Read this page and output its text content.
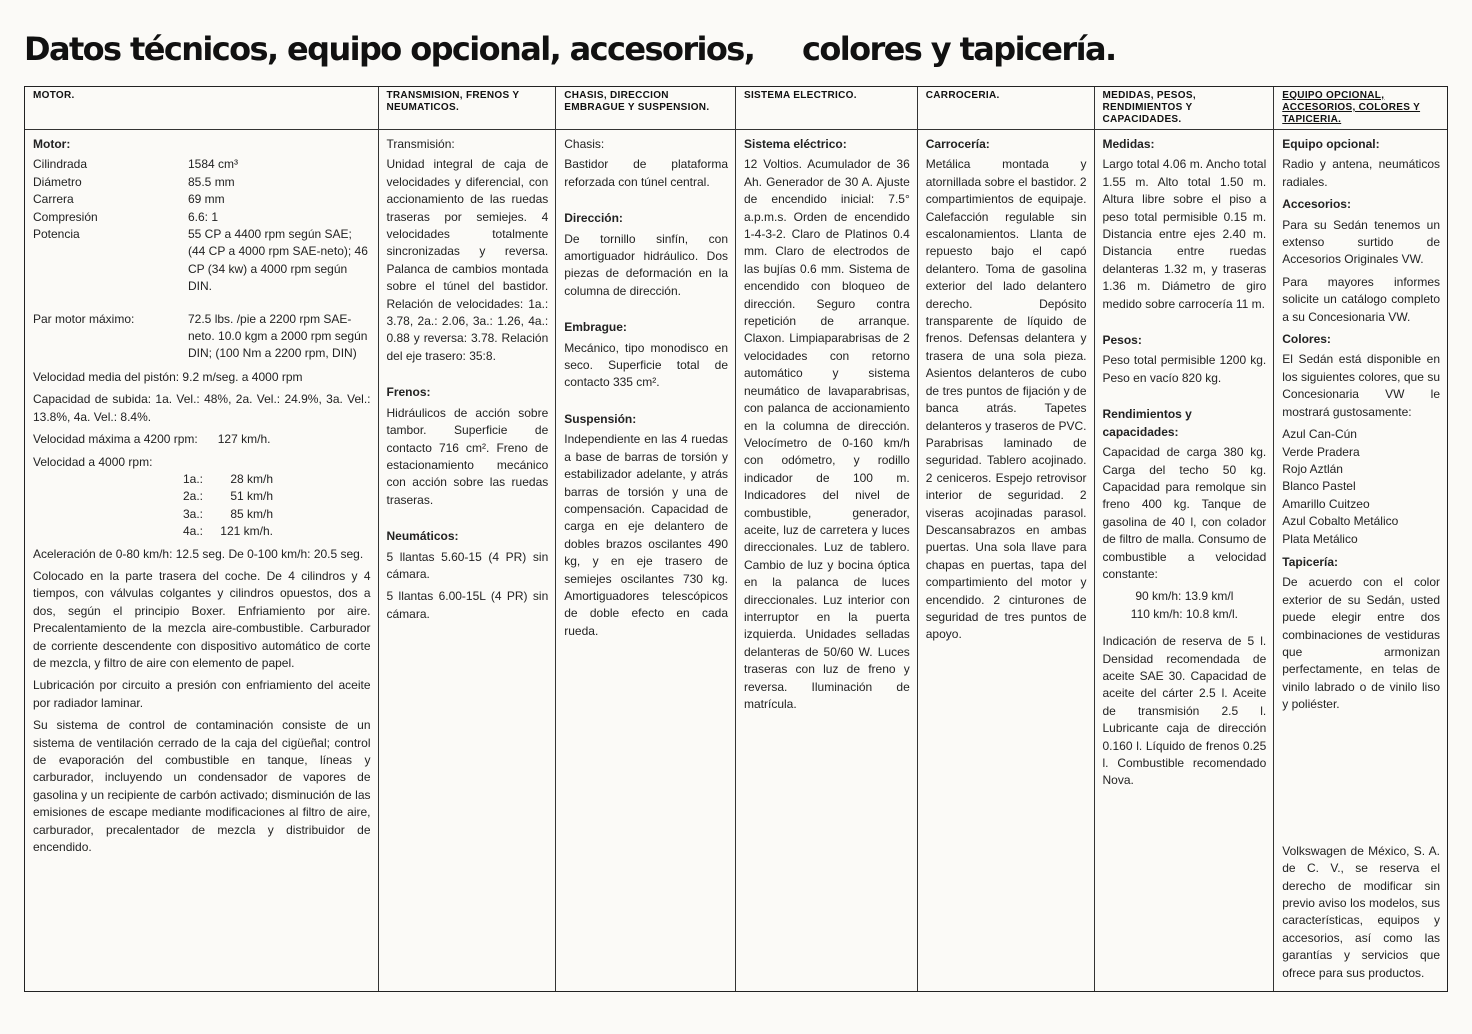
Datos técnicos, equipo opcional, accesorios,     colores y tapicería.
MOTOR.
Motor:
Cilindrada	1584 cm³
Diámetro	85.5 mm
Carrera	69 mm
Compresión	6.6: 1
Potencia	55 CP a 4400 rpm según SAE; (44 CP a 4000 rpm SAE-neto); 46 CP (34 kw) a 4000 rpm según DIN.
Par motor máximo:	72.5 lbs. /pie a 2200 rpm SAE-neto. 10.0 kgm a 2000 rpm según DIN; (100 Nm a 2200 rpm, DIN)

Velocidad media del pistón: 9.2 m/seg. a 4000 rpm

Capacidad de subida: 1a. Vel.: 48%, 2a. Vel.: 24.9%, 3a. Vel.: 13.8%, 4a. Vel.: 8.4%.

Velocidad máxima a 4200 rpm:      127 km/h.

Velocidad a 4000 rpm:
1a.:	28 km/h
2a.:	51 km/h
3a.:	85 km/h
4a.:	121 km/h.

Aceleración de 0-80 km/h: 12.5 seg. De 0-100 km/h: 20.5 seg.

Colocado en la parte trasera del coche. De 4 cilindros y 4 tiempos, con válvulas colgantes y cilindros opuestos, dos a dos, según el principio Boxer. Enfriamiento por aire. Precalentamiento de la mezcla aire-combustible. Carburador de corriente descendente con dispositivo automático de corte de mezcla, y filtro de aire con elemento de papel.

Lubricación por circuito a presión con enfriamiento del aceite por radiador laminar.

Su sistema de control de contaminación consiste de un sistema de ventilación cerrado de la caja del cigüeñal; control de evaporación del combustible en tanque, líneas y carburador, incluyendo un condensador de vapores de gasolina y un recipiente de carbón activado; disminución de las emisiones de escape mediante modificaciones al filtro de aire, carburador, precalentador de mezcla y distribuidor de encendido.

TRANSMISION, FRENOS Y NEUMATICOS.
Transmisión:

Unidad integral de caja de velocidades y diferencial, con accionamiento de las ruedas traseras por semiejes. 4 velocidades totalmente sincronizadas y reversa. Palanca de cambios montada sobre el túnel del bastidor. Relación de velocidades: 1a.: 3.78, 2a.: 2.06, 3a.: 1.26, 4a.: 0.88 y reversa: 3.78. Relación del eje trasero: 35:8.

Frenos:

Hidráulicos de acción sobre tambor. Superficie de contacto 716 cm². Freno de estacionamiento mecánico con acción sobre las ruedas traseras.

Neumáticos:

5 llantas 5.60-15 (4 PR) sin cámara.

5 llantas 6.00-15L (4 PR) sin cámara.

CHASIS, DIRECCION EMBRAGUE Y SUSPENSION.
Chasis:

Bastidor de plataforma reforzada con túnel central.

Dirección:

De tornillo sinfín, con amortiguador hidráulico. Dos piezas de deformación en la columna de dirección.

Embrague:

Mecánico, tipo monodisco en seco. Superficie total de contacto 335 cm².

Suspensión:

Independiente en las 4 ruedas a base de barras de torsión y estabilizador adelante, y atrás barras de torsión y una de compensación. Capacidad de carga en eje delantero de dobles brazos oscilantes 490 kg, y en eje trasero de semiejes oscilantes 730 kg. Amortiguadores telescópicos de doble efecto en cada rueda.

SISTEMA ELECTRICO.
Sistema eléctrico:

12 Voltios. Acumulador de 36 Ah. Generador de 30 A. Ajuste de encendido inicial: 7.5° a.p.m.s. Orden de encendido 1-4-3-2. Claro de Platinos 0.4 mm. Claro de electrodos de las bujías 0.6 mm. Sistema de encendido con bloqueo de dirección. Seguro contra repetición de arranque. Claxon. Limpiaparabrisas de 2 velocidades con retorno automático y sistema neumático de lavaparabrisas, con palanca de accionamiento en la columna de dirección. Velocímetro de 0-160 km/h con odómetro, y rodillo indicador de 100 m. Indicadores del nivel de combustible, generador, aceite, luz de carretera y luces direccionales. Luz de tablero. Cambio de luz y bocina óptica en la palanca de luces direccionales. Luz interior con interruptor en la puerta izquierda. Unidades selladas delanteras de 50/60 W. Luces traseras con luz de freno y reversa. Iluminación de matrícula.

CARROCERIA.
Carrocería:

Metálica montada y atornillada sobre el bastidor. 2 compartimientos de equipaje. Calefacción regulable sin escalonamientos. Llanta de repuesto bajo el capó delantero. Toma de gasolina exterior del lado delantero derecho. Depósito transparente de líquido de frenos. Defensas delantera y trasera de una sola pieza. Asientos delanteros de cubo de tres puntos de fijación y de banca atrás. Tapetes delanteros y traseros de PVC. Parabrisas laminado de seguridad. Tablero acojinado. 2 ceniceros. Espejo retrovisor interior de seguridad. 2 viseras acojinadas parasol. Descansabrazos en ambas puertas. Una sola llave para chapas en puertas, tapa del compartimiento del motor y encendido. 2 cinturones de seguridad de tres puntos de apoyo.

MEDIDAS, PESOS, RENDIMIENTOS Y CAPACIDADES.
Medidas:

Largo total 4.06 m. Ancho total 1.55 m. Alto total 1.50 m. Altura libre sobre el piso a peso total permisible 0.15 m. Distancia entre ejes 2.40 m. Distancia entre ruedas delanteras 1.32 m, y traseras 1.36 m. Diámetro de giro medido sobre carrocería 11 m.

Pesos:

Peso total permisible 1200 kg. Peso en vacío 820 kg.

Rendimientos y capacidades:

Capacidad de carga 380 kg. Carga del techo 50 kg. Capacidad para remolque sin freno 400 kg. Tanque de gasolina de 40 l, con colador de filtro de malla. Consumo de combustible a velocidad constante:

90 km/h: 13.9 km/l
110 km/h: 10.8 km/l.

Indicación de reserva de 5 l. Densidad recomendada de aceite SAE 30. Capacidad de aceite del cárter 2.5 l. Aceite de transmisión 2.5 l. Lubricante caja de dirección 0.160 l. Líquido de frenos 0.25 l. Combustible recomendado Nova.

EQUIPO OPCIONAL, ACCESORIOS, COLORES Y TAPICERIA.
Equipo opcional:

Radio y antena, neumáticos radiales.

Accesorios:

Para su Sedán tenemos un extenso surtido de Accesorios Originales VW.

Para mayores informes solicite un catálogo completo a su Concesionaria VW.

Colores:

El Sedán está disponible en los siguientes colores, que su Concesionaria VW le mostrará gustosamente:

Azul Can-Cún
Verde Pradera
Rojo Aztlán
Blanco Pastel
Amarillo Cuitzeo
Azul Cobalto Metálico
Plata Metálico
Tapicería:

De acuerdo con el color exterior de su Sedán, usted puede elegir entre dos combinaciones de vestiduras que armonizan perfectamente, en telas de vinilo labrado o de vinilo liso y poliéster.

Volkswagen de México, S. A. de C. V., se reserva el derecho de modificar sin previo aviso los modelos, sus características, equipos y accesorios, así como las garantías y servicios que ofrece para sus productos.
